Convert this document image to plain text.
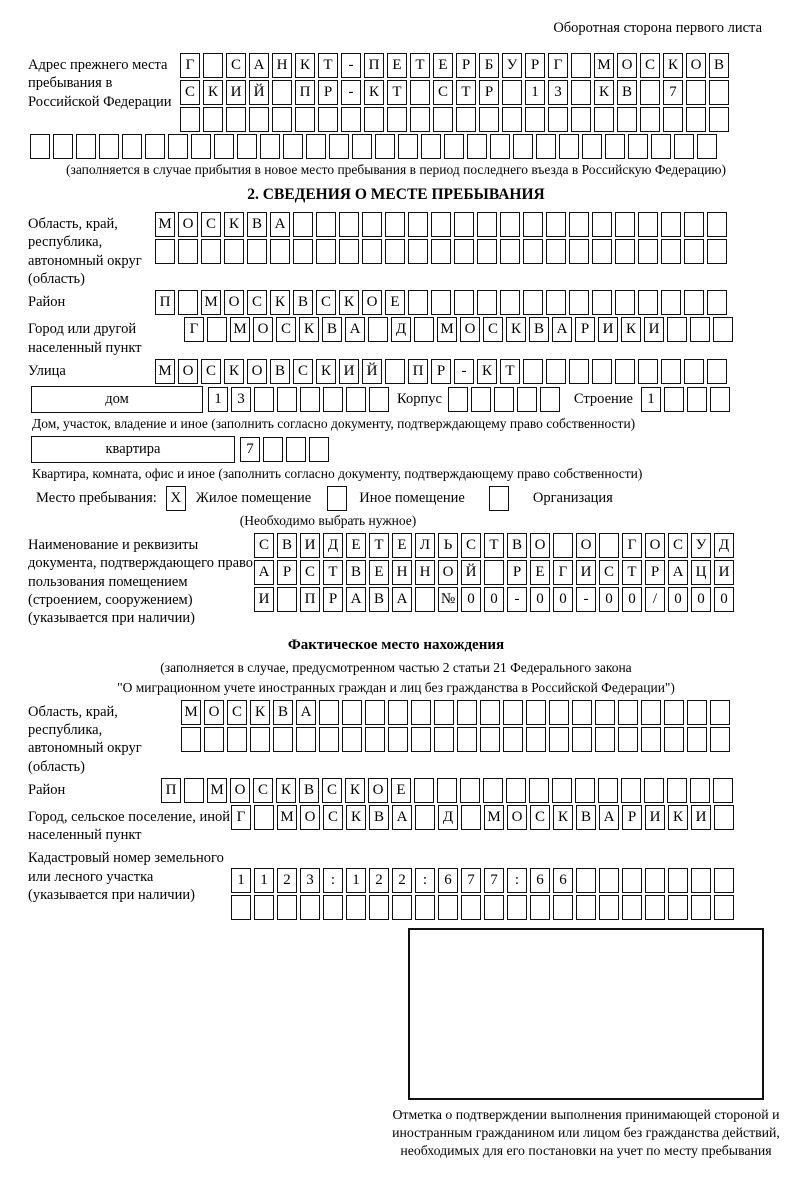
Оборотная сторона первого листа
Адрес прежнего места пребывания в Российской Федерации
Г	С А Н К Т	-	П Е Т Е Р Б У Р Г	М О С К О В
С К И Й	П Р	-	К Т	С Т Р	1	3	К В	7
(заполняется в случае прибытия в новое место пребывания в период последнего въезда в Российскую Федерацию)
2. СВЕДЕНИЯ О МЕСТЕ ПРЕБЫВАНИЯ
Область, край, республика, автономный округ (область)
М О С К В А
Район	П	М О С К В С К О Е
Город или другой населенный пункт
Г	М О С К В А	Д	М О С К В А Р И К И
Улица	М О С К О В С К И Й	П Р	-	К Т
дом	1	3	Корпус	Строение 1
Дом, участок, владение и иное (заполнить согласно документу, подтверждающему право собственности)
квартира	7
Квартира, комната, офис и иное (заполнить согласно документу, подтверждающему право собственности)
Место пребывания: X	Жилое помещение	Иное помещение	Организация
(Необходимо выбрать нужное)
Наименование и реквизиты документа, подтверждающего право пользования помещением (строением, сооружением) (указывается при наличии)
С В И Д Е Т Е Л Ь С Т В О	О	Г О С У Д
А Р С Т В Е Н Н О Й	Р Е Г И С Т Р А Ц И
И	П Р А В А	№ 0	0	-	0	0	-	0	0	/	0	0	0
Фактическое место нахождения
(заполняется в случае, предусмотренном частью 2 статьи 21 Федерального закона
"О миграционном учете иностранных граждан и лиц без гражданства в Российской Федерации")
Область, край, республика, автономный округ (область)
М О С К В А
Район	П	М О С К В С К О Е
Город, сельское поселение, иной населенный пункт
Г	М О С К В А	Д	М О С К В А Р И К И
Кадастровый номер земельного или лесного участка (указывается при наличии)
1	1	2	3	:	1	2	2	:	6	7	7	:	6	6
Отметка о подтверждении выполнения принимающей стороной и иностранным гражданином или лицом без гражданства действий, необходимых для его постановки на учет по месту пребывания
